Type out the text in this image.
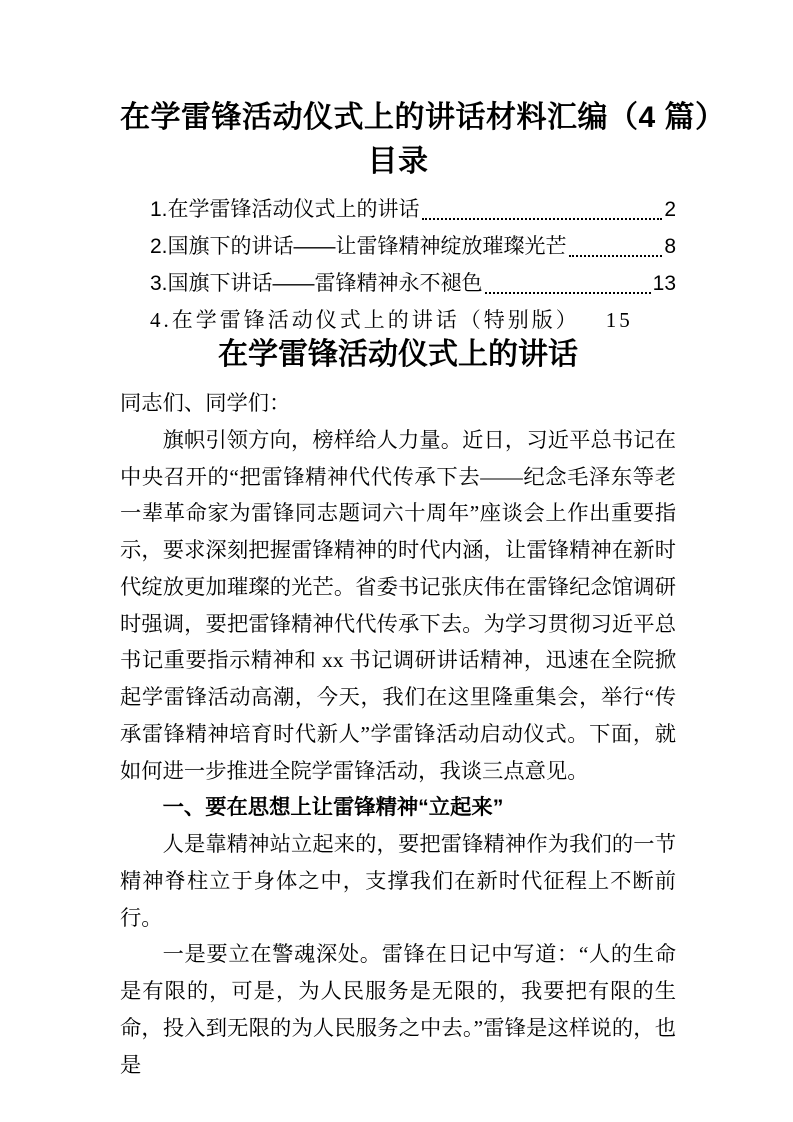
在学雷锋活动仪式上的讲话材料汇编（4 篇）
目录
1.在学雷锋活动仪式上的讲话	2
2.国旗下的讲话——让雷锋精神绽放璀璨光芒	8
3.国旗下讲话——雷锋精神永不褪色	13
4.在学雷锋活动仪式上的讲话（特别版） 15
在学雷锋活动仪式上的讲话

同志们、同学们：

旗帜引领方向，榜样给人力量。近日，习近平总书记在中央召开的“把雷锋精神代代传承下去——纪念毛泽东等老一辈革命家为雷锋同志题词六十周年”座谈会上作出重要指示，要求深刻把握雷锋精神的时代内涵，让雷锋精神在新时代绽放更加璀璨的光芒。省委书记张庆伟在雷锋纪念馆调研时强调，要把雷锋精神代代传承下去。为学习贯彻习近平总书记重要指示精神和 xx 书记调研讲话精神，迅速在全院掀起学雷锋活动高潮，今天，我们在这里隆重集会，举行“传承雷锋精神培育时代新人”学雷锋活动启动仪式。下面，就如何进一步推进全院学雷锋活动，我谈三点意见。

一、要在思想上让雷锋精神“立起来”

人是靠精神站立起来的，要把雷锋精神作为我们的一节精神脊柱立于身体之中，支撑我们在新时代征程上不断前行。

一是要立在警魂深处。雷锋在日记中写道：“人的生命是有限的，可是，为人民服务是无限的，我要把有限的生命，投入到无限的为人民服务之中去。”雷锋是这样说的，也是
